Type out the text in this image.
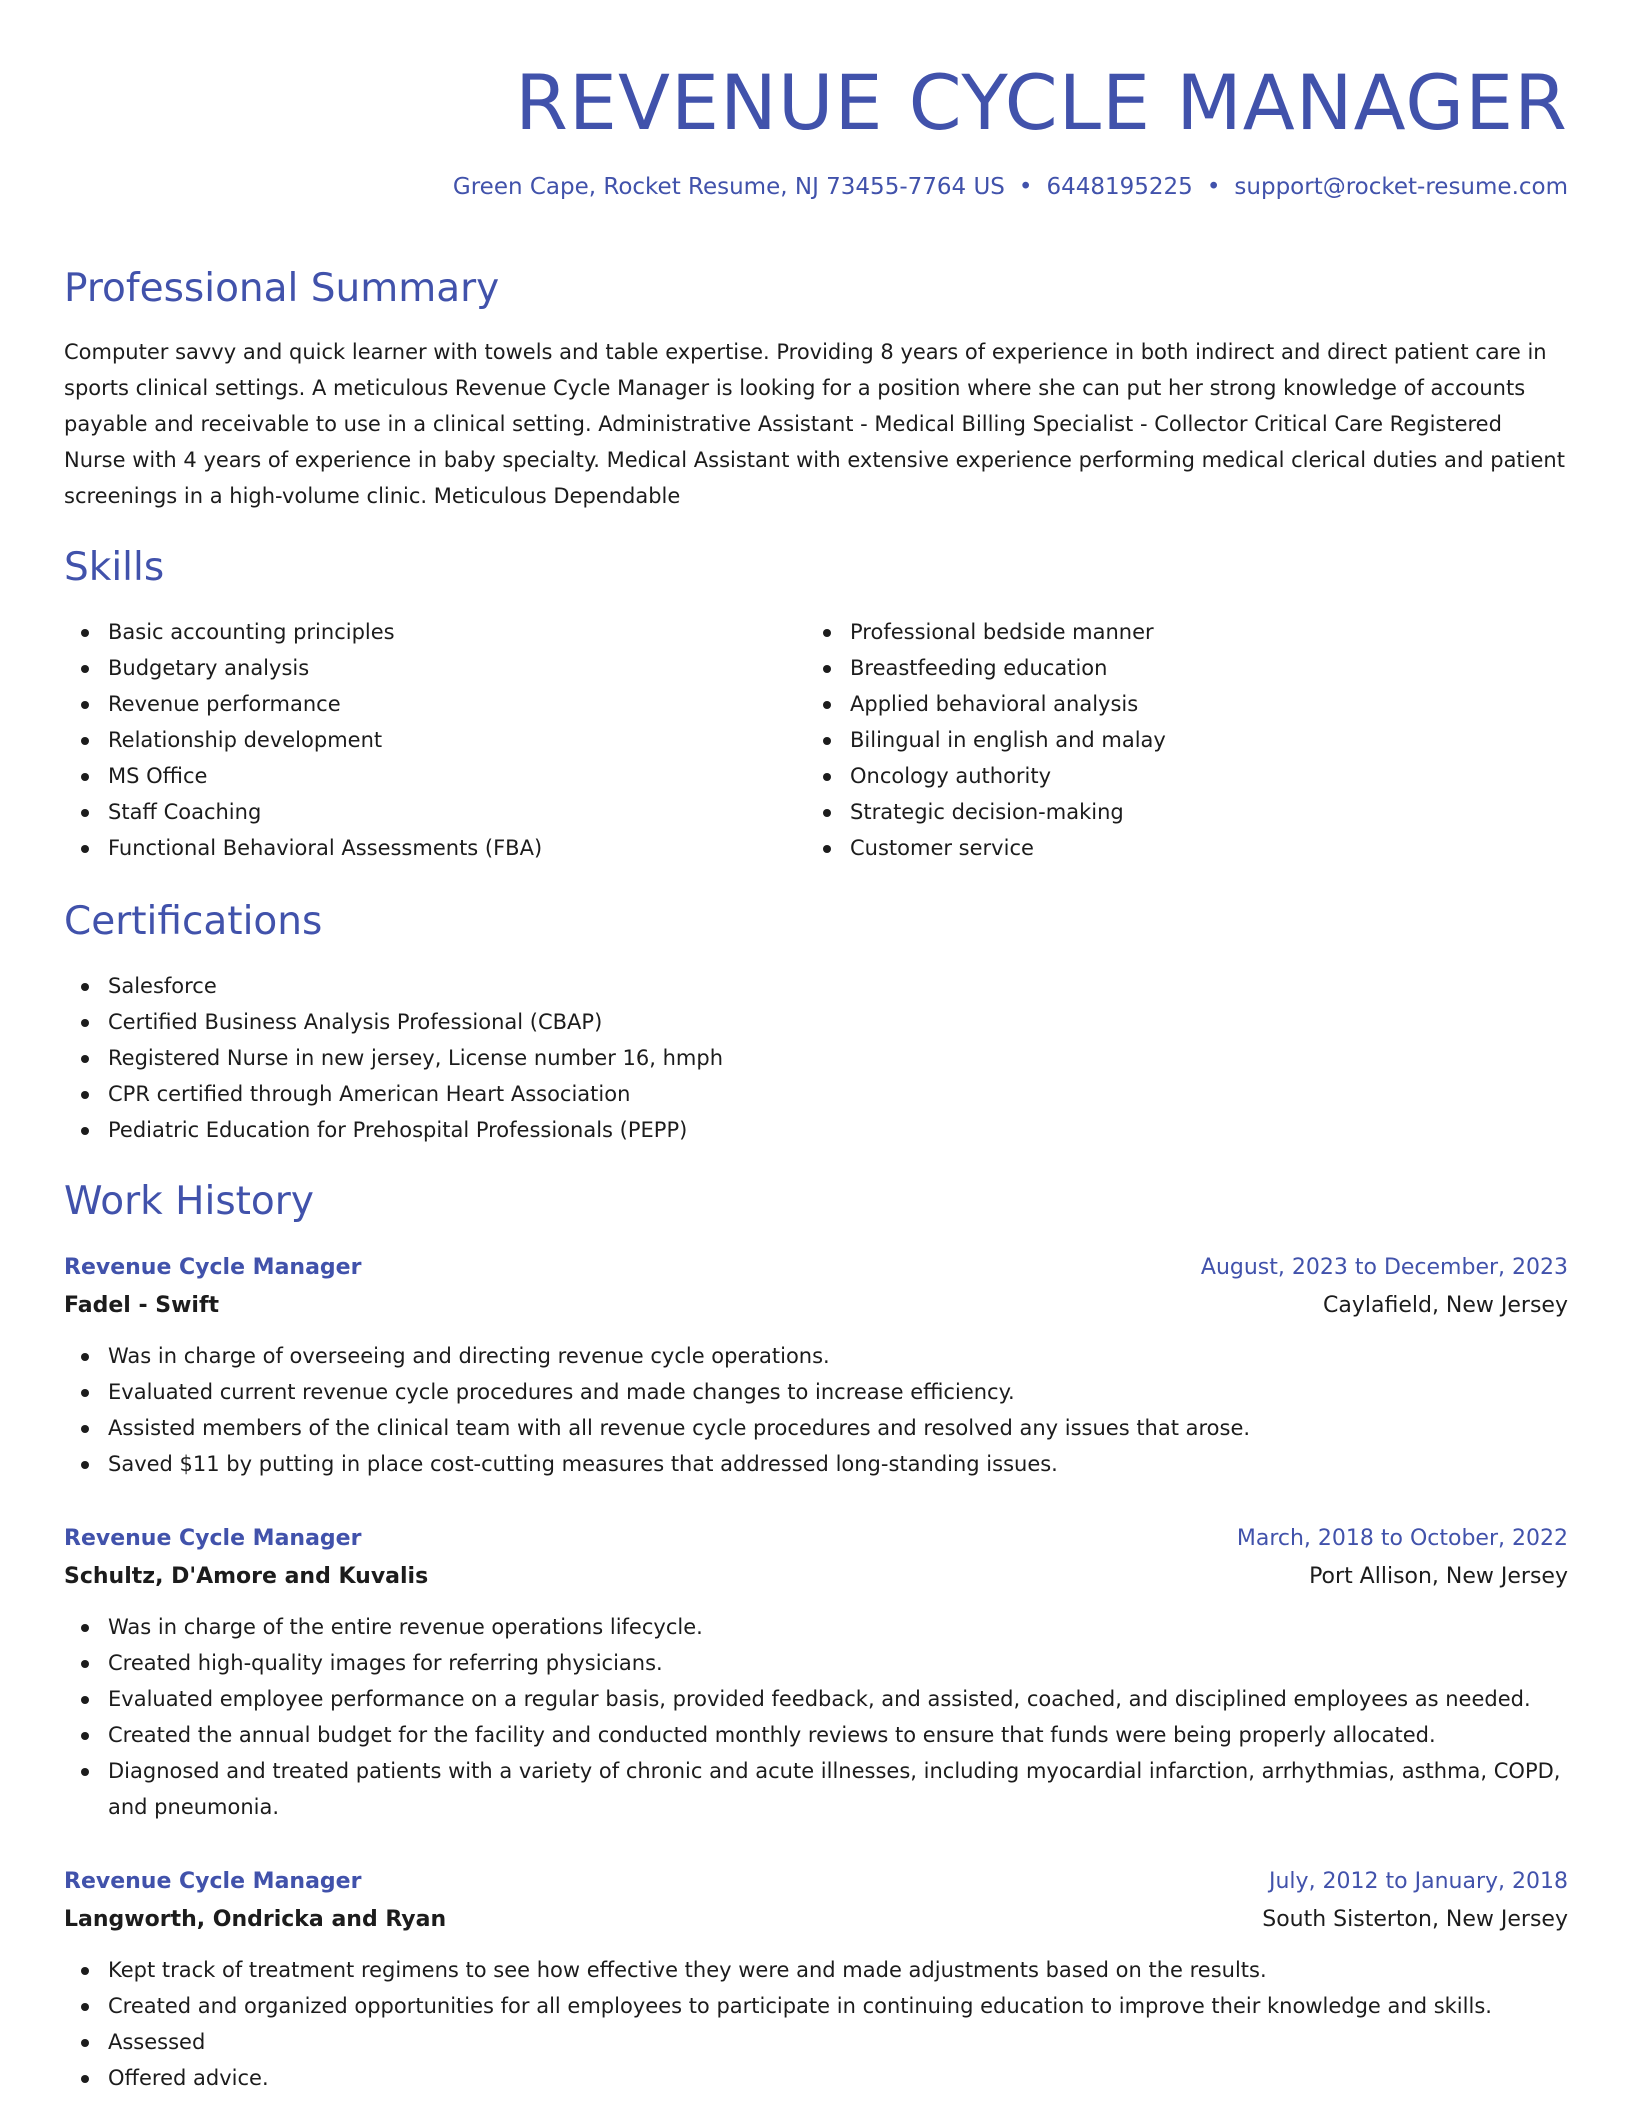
REVENUE CYCLE MANAGER
Green Cape, Rocket Resume, NJ 73455-7764 US • 6448195225 • support@rocket-resume.com
Professional Summary

Computer savvy and quick learner with towels and table expertise. Providing 8 years of experience in both indirect and direct patient care in sports clinical settings. A meticulous Revenue Cycle Manager is looking for a position where she can put her strong knowledge of accounts payable and receivable to use in a clinical setting. Administrative Assistant - Medical Billing Specialist - Collector Critical Care Registered Nurse with 4 years of experience in baby specialty. Medical Assistant with extensive experience performing medical clerical duties and patient screenings in a high-volume clinic. Meticulous Dependable

Skills
Basic accounting principles
Budgetary analysis
Revenue performance
Relationship development
MS Office
Staff Coaching
Functional Behavioral Assessments (FBA)
Professional bedside manner
Breastfeeding education
Applied behavioral analysis
Bilingual in english and malay
Oncology authority
Strategic decision-making
Customer service
Certifications
Salesforce
Certified Business Analysis Professional (CBAP)
Registered Nurse in new jersey, License number 16, hmph
CPR certified through American Heart Association
Pediatric Education for Prehospital Professionals (PEPP)
Work History
Revenue Cycle Manager	August, 2023 to December, 2023
Fadel - Swift	Caylafield, New Jersey
Was in charge of overseeing and directing revenue cycle operations.
Evaluated current revenue cycle procedures and made changes to increase efficiency.
Assisted members of the clinical team with all revenue cycle procedures and resolved any issues that arose.
Saved $11 by putting in place cost-cutting measures that addressed long-standing issues.
Revenue Cycle Manager	March, 2018 to October, 2022
Schultz, D'Amore and Kuvalis	Port Allison, New Jersey
Was in charge of the entire revenue operations lifecycle.
Created high-quality images for referring physicians.
Evaluated employee performance on a regular basis, provided feedback, and assisted, coached, and disciplined employees as needed.
Created the annual budget for the facility and conducted monthly reviews to ensure that funds were being properly allocated.
Diagnosed and treated patients with a variety of chronic and acute illnesses, including myocardial infarction, arrhythmias, asthma, COPD, and pneumonia.
Revenue Cycle Manager	July, 2012 to January, 2018
Langworth, Ondricka and Ryan	South Sisterton, New Jersey
Kept track of treatment regimens to see how effective they were and made adjustments based on the results.
Created and organized opportunities for all employees to participate in continuing education to improve their knowledge and skills.
Assessed
Offered advice.
